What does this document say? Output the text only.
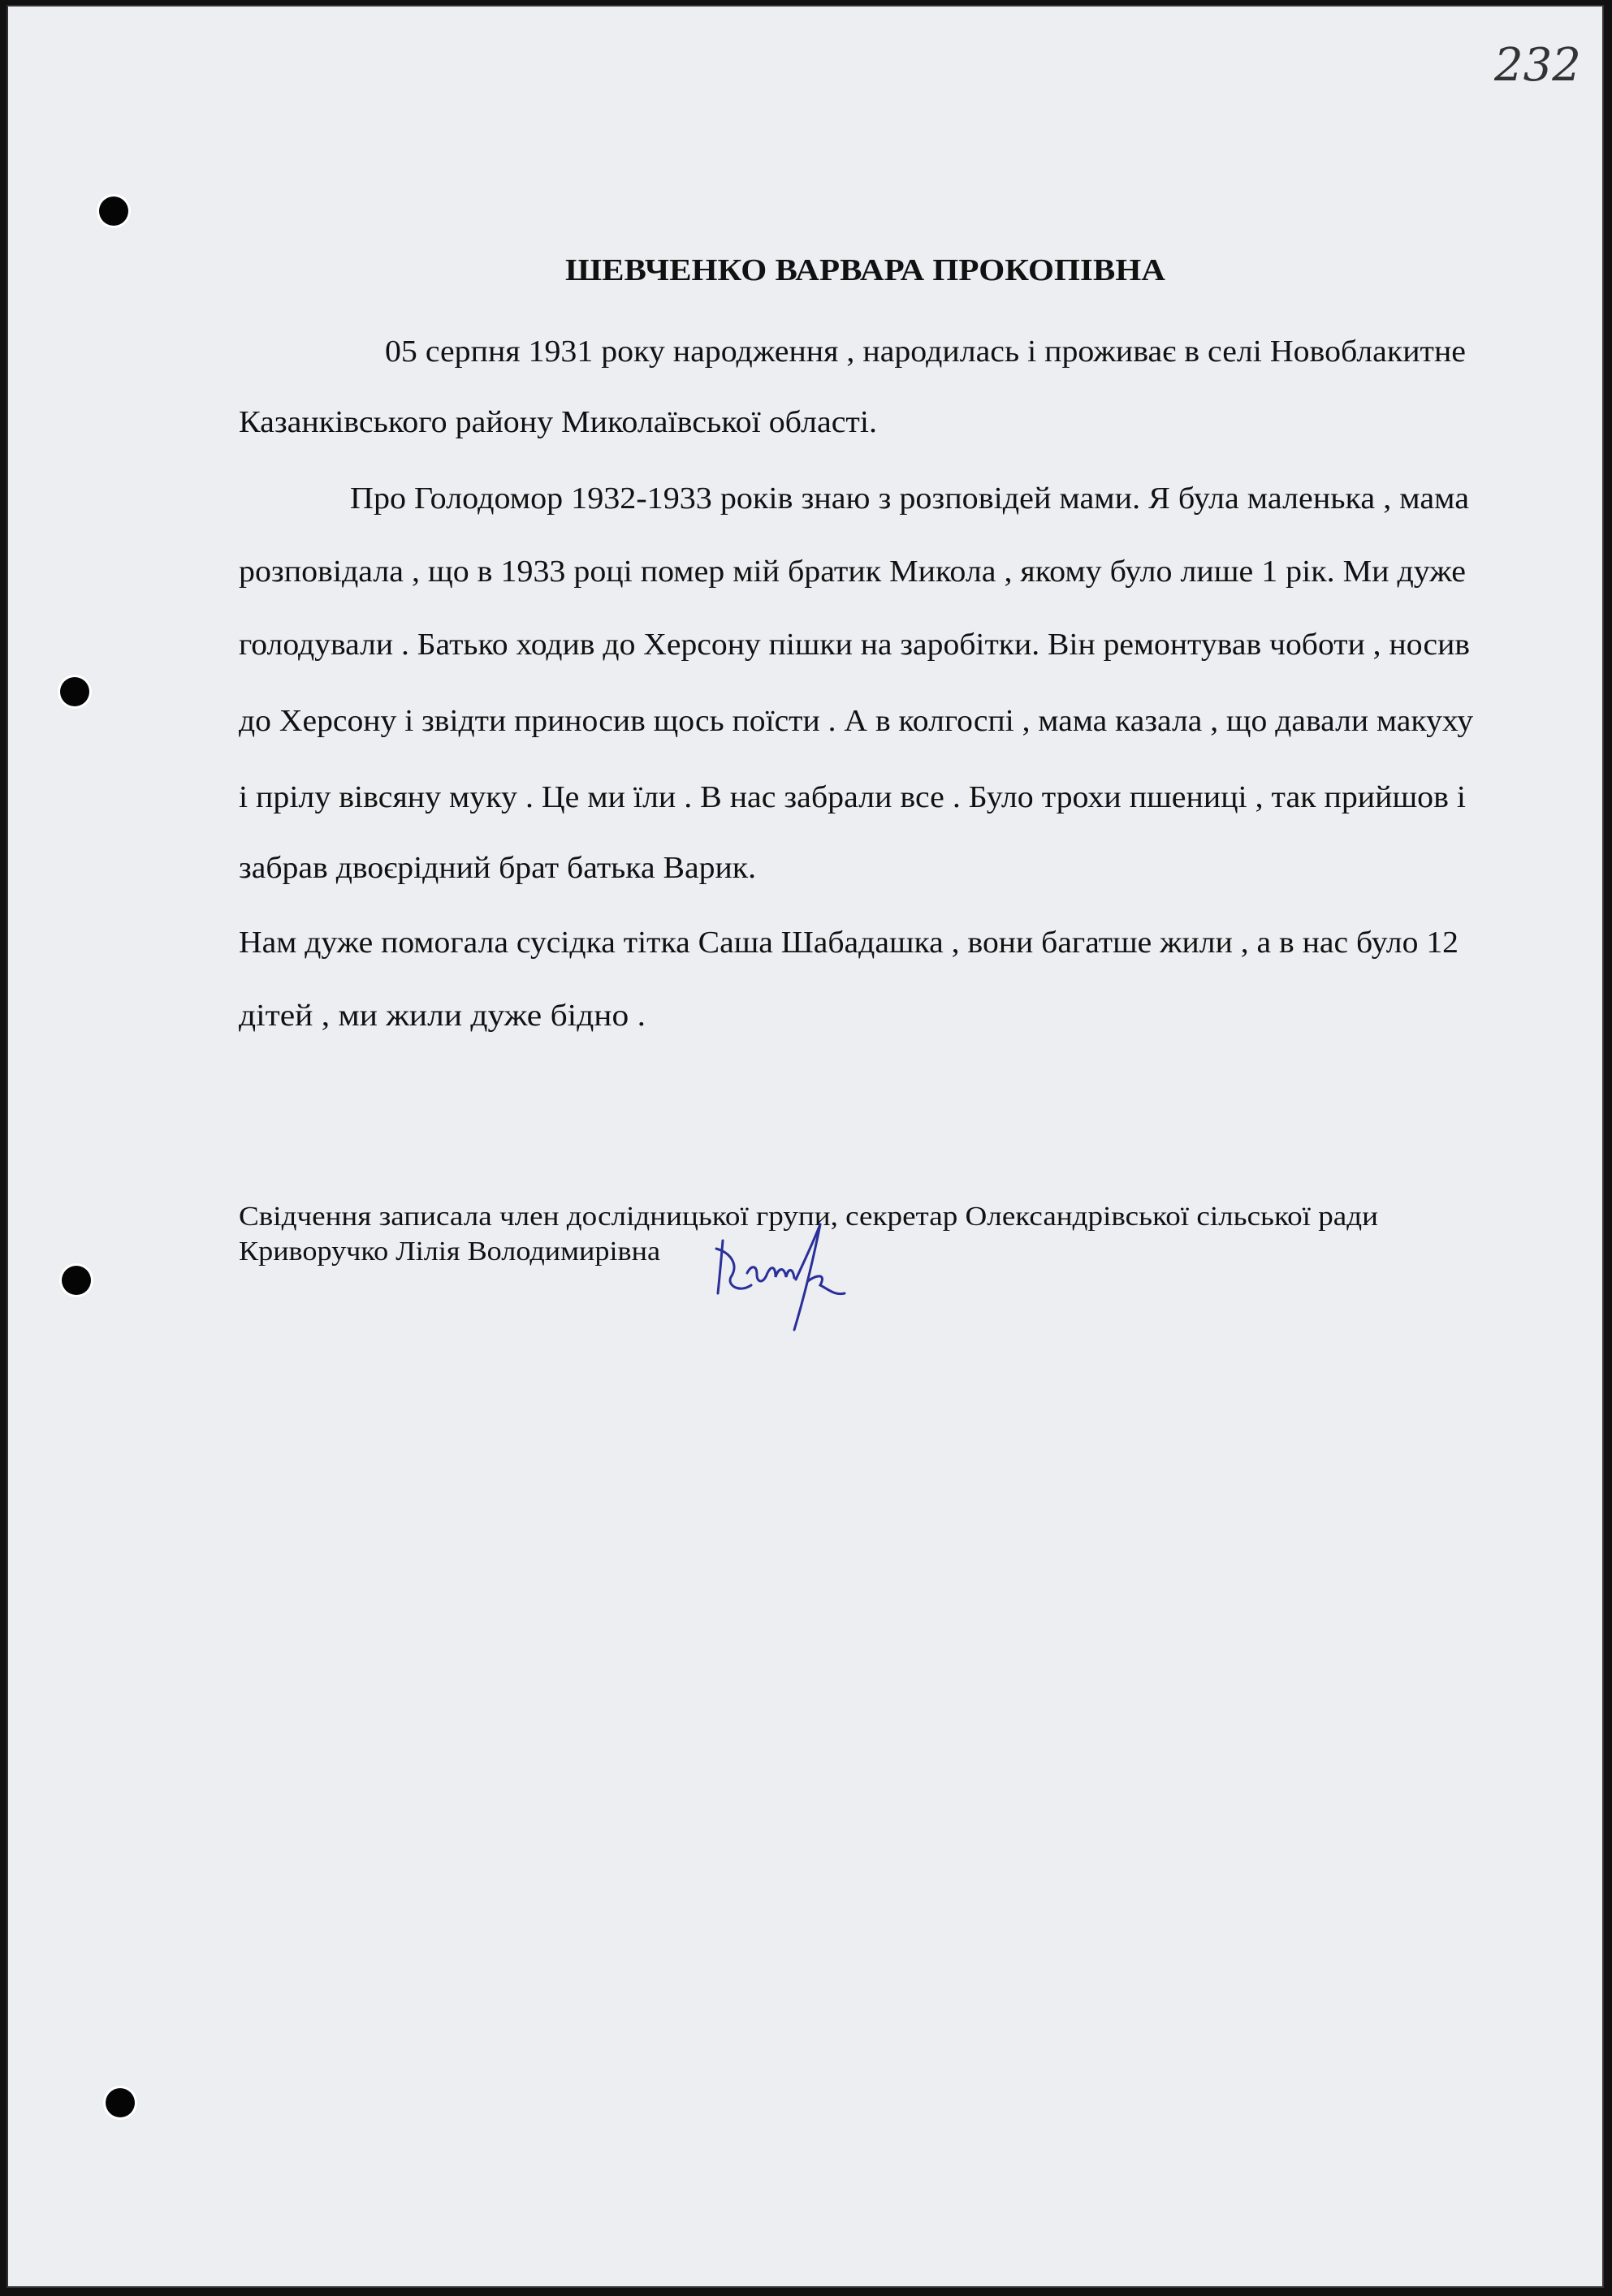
232
ШЕВЧЕНКО ВАРВАРА ПРОКОПІВНА
05 серпня 1931 року народження , народилась і проживає в селі Новоблакитне
Казанківського району Миколаївської області.
Про Голодомор 1932-1933 років знаю з розповідей мами. Я була маленька , мама
розповідала , що в 1933 році помер мій братик Микола , якому було лише 1 рік. Ми дуже
голодували . Батько ходив до Херсону пішки на заробітки. Він ремонтував чоботи , носив
до Херсону і звідти приносив щось поїсти . А в колгоспі , мама казала , що давали макуху
і прілу вівсяну муку . Це ми їли . В нас забрали все . Було трохи пшениці , так прийшов і
забрав двоєрідний брат батька Варик.
Нам дуже помогала сусідка тітка Саша Шабадашка , вони багатше жили , а в нас було 12
дітей , ми жили дуже бідно .
Свідчення записала член дослідницької групи, секретар Олександрівської сільської ради
Криворучко Лілія Володимирівна
